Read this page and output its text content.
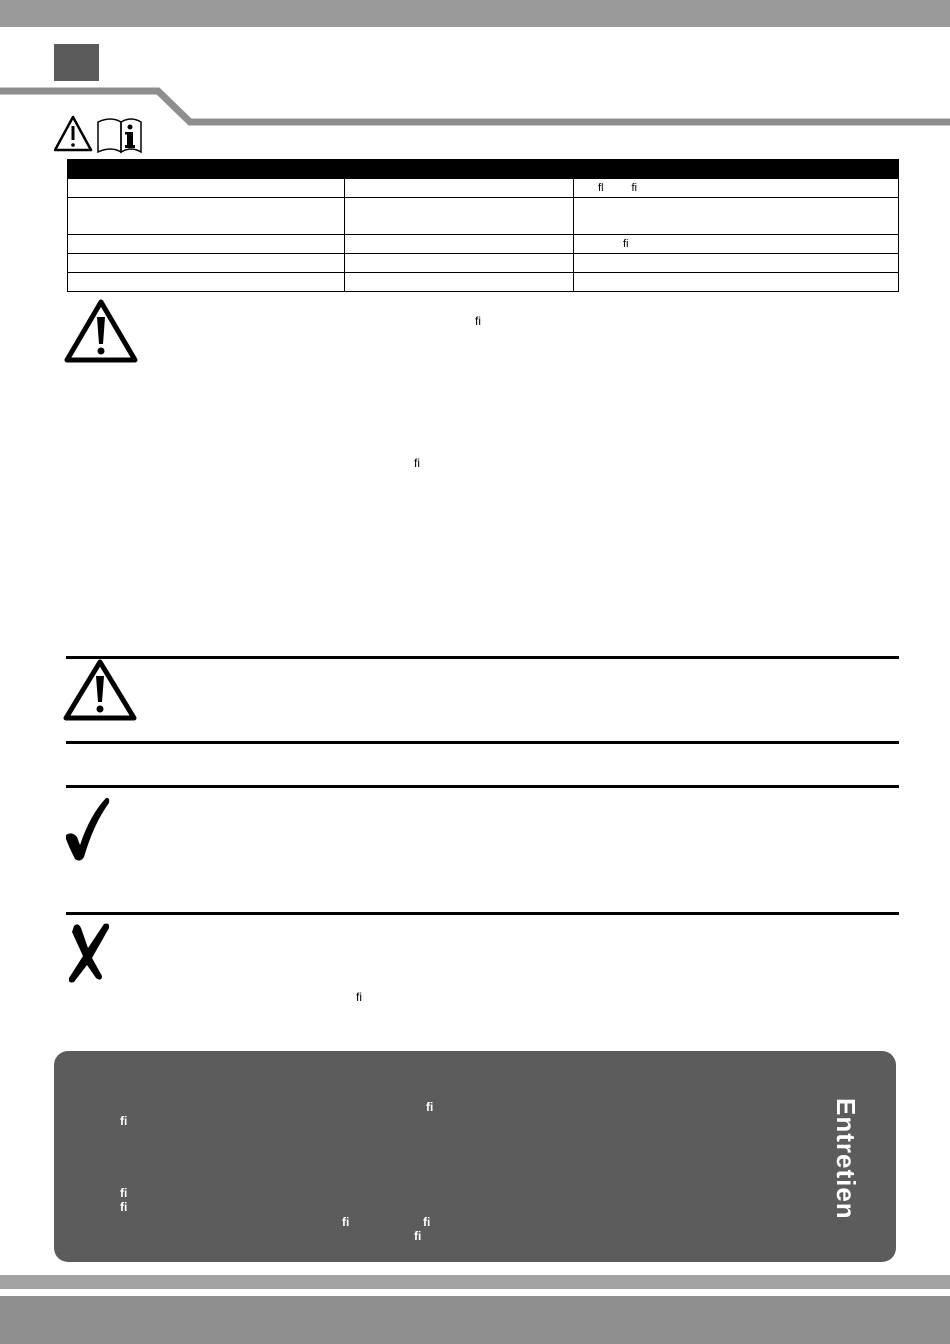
		ﬂ ﬁ

		ﬁ

ﬁ
ﬁ
ﬁ
ﬁ
ﬁ
ﬁ
ﬁ
ﬁ	ﬁ
ﬁ
Entretien
